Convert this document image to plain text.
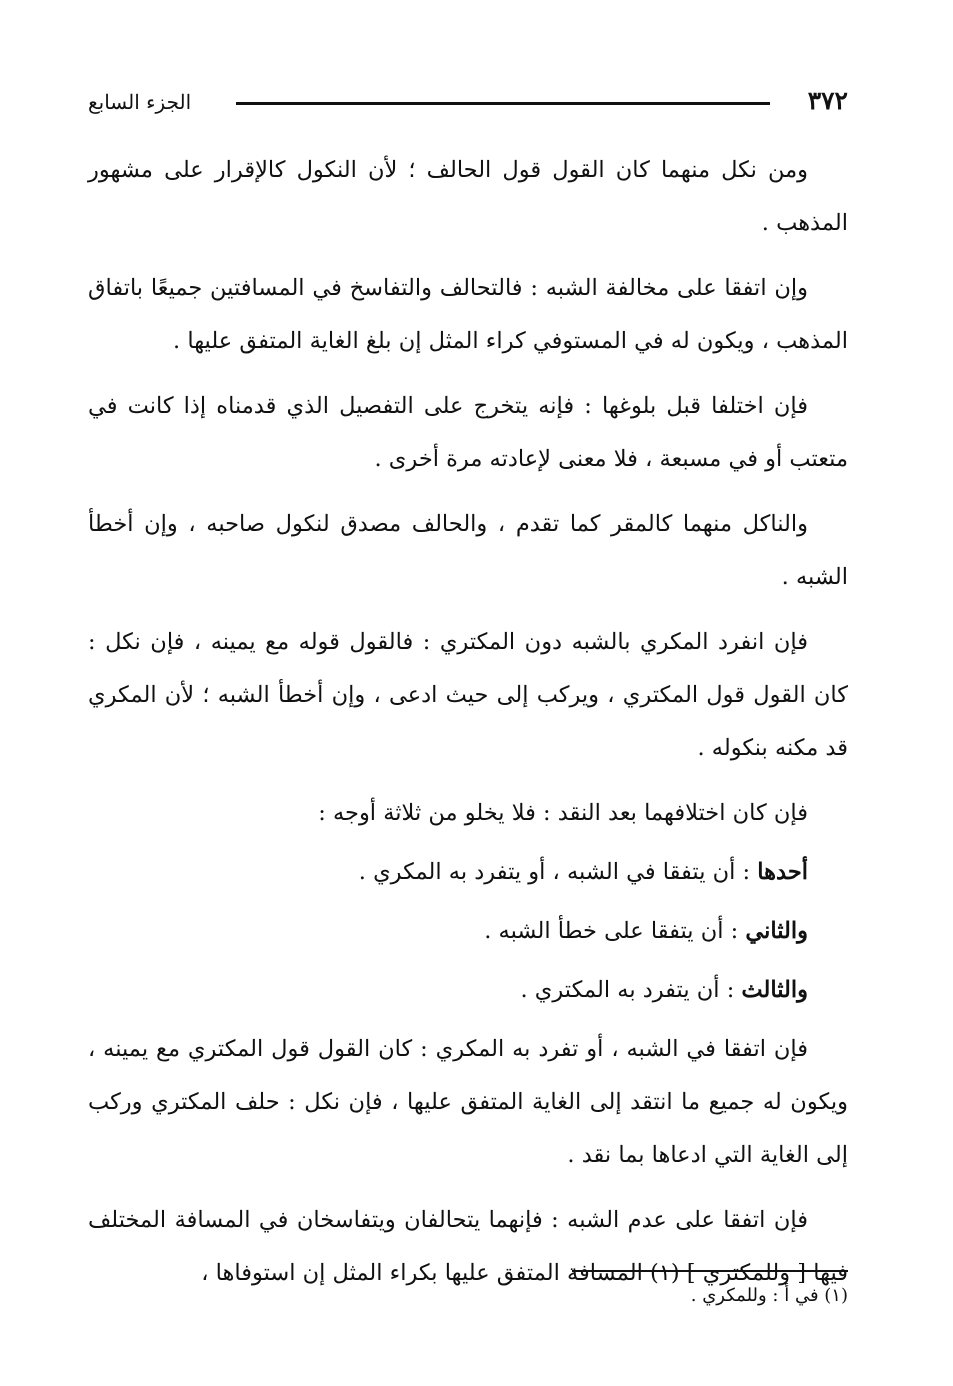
٣٧٢
الجزء السابع

ومن نكل منهما كان القول قول الحالف ؛ لأن النكول كالإقرار على مشهور المذهب .

وإن اتفقا على مخالفة الشبه : فالتحالف والتفاسخ في المسافتين جميعًا باتفاق المذهب ، ويكون له في المستوفي كراء المثل إن بلغ الغاية المتفق عليها .

فإن اختلفا قبل بلوغها : فإنه يتخرج على التفصيل الذي قدمناه إذا كانت في متعتب أو في مسبعة ، فلا معنى لإعادته مرة أخرى .

والناكل منهما كالمقر كما تقدم ، والحالف مصدق لنكول صاحبه ، وإن أخطأ الشبه .

فإن انفرد المكري بالشبه دون المكتري : فالقول قوله مع يمينه ، فإن نكل : كان القول قول المكتري ، ويركب إلى حيث ادعى ، وإن أخطأ الشبه ؛ لأن المكري قد مكنه بنكوله .

فإن كان اختلافهما بعد النقد : فلا يخلو من ثلاثة أوجه :

أحدها : أن يتفقا في الشبه ، أو يتفرد به المكري .

والثاني : أن يتفقا على خطأ الشبه .

والثالث : أن يتفرد به المكتري .

فإن اتفقا في الشبه ، أو تفرد به المكري : كان القول قول المكتري مع يمينه ، ويكون له جميع ما انتقد إلى الغاية المتفق عليها ، فإن نكل : حلف المكتري وركب إلى الغاية التي ادعاها بما نقد .

فإن اتفقا على عدم الشبه : فإنهما يتحالفان ويتفاسخان في المسافة المختلف فيها [ وللمكتري ] (١) المسافة المتفق عليها بكراء المثل إن استوفاها ،

(١) في أ : وللمكري .
